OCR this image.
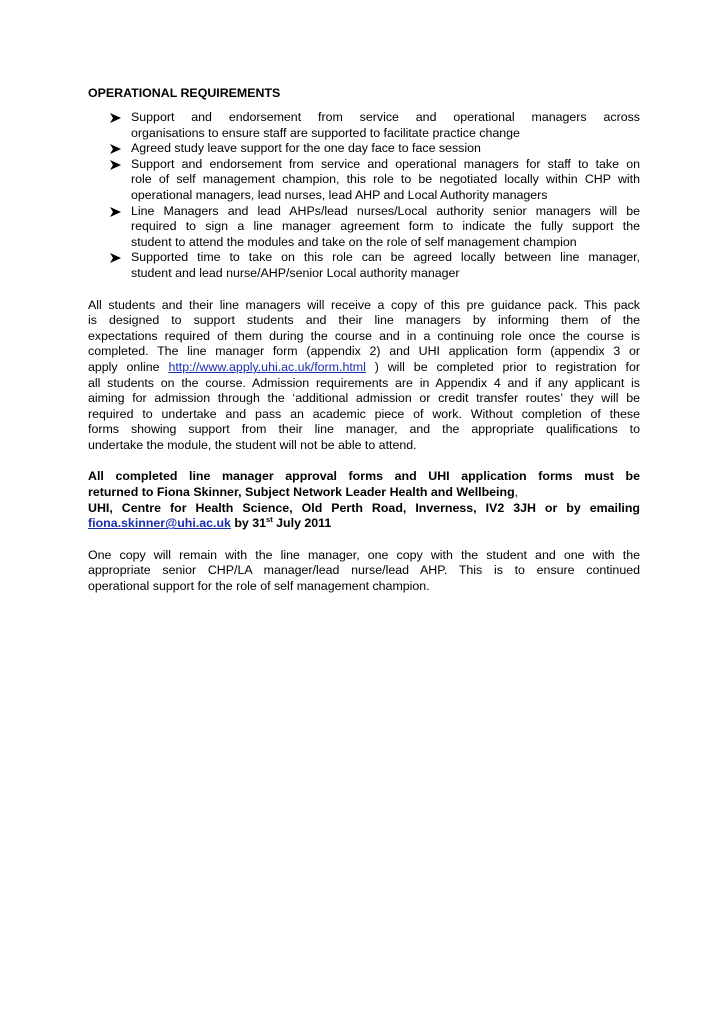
OPERATIONAL REQUIREMENTS
Support and endorsement from service and operational managers across
organisations to ensure staff are supported to facilitate practice change
Agreed study leave support for the one day face to face session
Support and endorsement from service and operational managers for staff to take on
role of self management champion, this role to be negotiated locally within CHP with
operational managers, lead nurses, lead AHP and Local Authority managers
Line Managers and lead AHPs/lead nurses/Local authority senior managers will be
required to sign a line manager agreement form to indicate the fully support the
student to attend the modules and take on the role of self management champion
Supported time to take on this role can be agreed locally between line manager,
student and lead nurse/AHP/senior Local authority manager
All students and their line managers will receive a copy of this pre guidance pack. This pack
is designed to support students and their line managers by informing them of the
expectations required of them during the course and in a continuing role once the course is
completed. The line manager form (appendix 2) and UHI application form (appendix 3 or
apply online http://www.apply.uhi.ac.uk/form.html ) will be completed prior to registration for
all students on the course. Admission requirements are in Appendix 4 and if any applicant is
aiming for admission through the ‘additional admission or credit transfer routes’ they will be
required to undertake and pass an academic piece of work. Without completion of these
forms showing support from their line manager, and the appropriate qualifications to
undertake the module, the student will not be able to attend.
All completed line manager approval forms and UHI application forms must be
returned to Fiona Skinner, Subject Network Leader Health and Wellbeing,
UHI, Centre for Health Science, Old Perth Road, Inverness, IV2 3JH or by emailing
fiona.skinner@uhi.ac.uk by 31st July 2011
One copy will remain with the line manager, one copy with the student and one with the
appropriate senior CHP/LA manager/lead nurse/lead AHP. This is to ensure continued
operational support for the role of self management champion.
